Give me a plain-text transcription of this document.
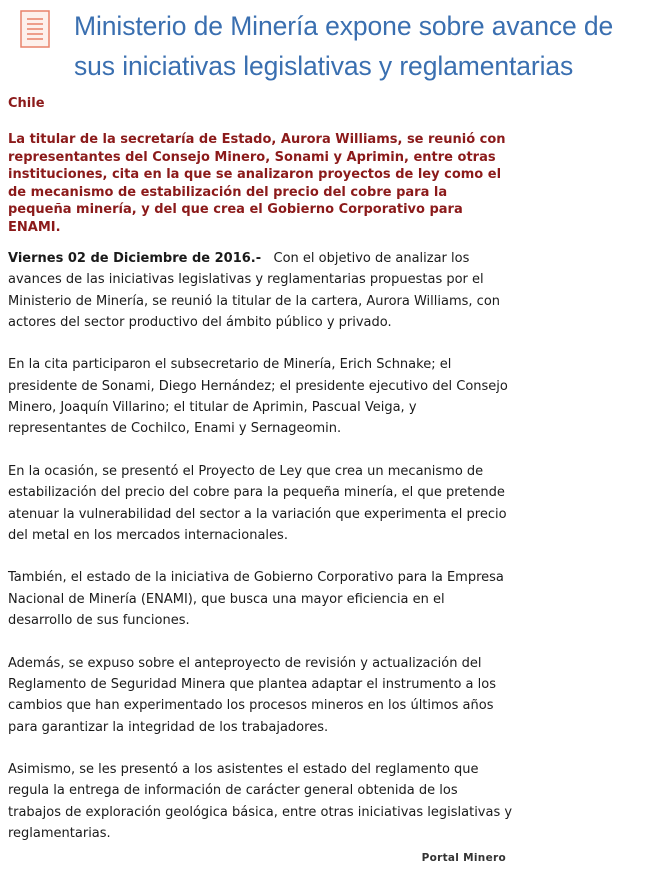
Ministerio de Minería expone sobre avance de sus iniciativas legislativas y reglamentarias

Chile

La titular de la secretaría de Estado, Aurora Williams, se reunió con representantes del Consejo Minero, Sonami y Aprimin, entre otras instituciones, cita en la que se analizaron proyectos de ley como el de mecanismo de estabilización del precio del cobre para la pequeña minería, y del que crea el Gobierno Corporativo para ENAMI.

Viernes 02 de Diciembre de 2016.- Con el objetivo de analizar los avances de las iniciativas legislativas y reglamentarias propuestas por el Ministerio de Minería, se reunió la titular de la cartera, Aurora Williams, con actores del sector productivo del ámbito público y privado.

En la cita participaron el subsecretario de Minería, Erich Schnake; el presidente de Sonami, Diego Hernández; el presidente ejecutivo del Consejo Minero, Joaquín Villarino; el titular de Aprimin, Pascual Veiga, y representantes de Cochilco, Enami y Sernageomin.

En la ocasión, se presentó el Proyecto de Ley que crea un mecanismo de estabilización del precio del cobre para la pequeña minería, el que pretende atenuar la vulnerabilidad del sector a la variación que experimenta el precio del metal en los mercados internacionales.

También, el estado de la iniciativa de Gobierno Corporativo para la Empresa Nacional de Minería (ENAMI), que busca una mayor eficiencia en el desarrollo de sus funciones.

Además, se expuso sobre el anteproyecto de revisión y actualización del Reglamento de Seguridad Minera que plantea adaptar el instrumento a los cambios que han experimentado los procesos mineros en los últimos años para garantizar la integridad de los trabajadores.

Asimismo, se les presentó a los asistentes el estado del reglamento que regula la entrega de información de carácter general obtenida de los trabajos de exploración geológica básica, entre otras iniciativas legislativas y reglamentarias.

Portal Minero
